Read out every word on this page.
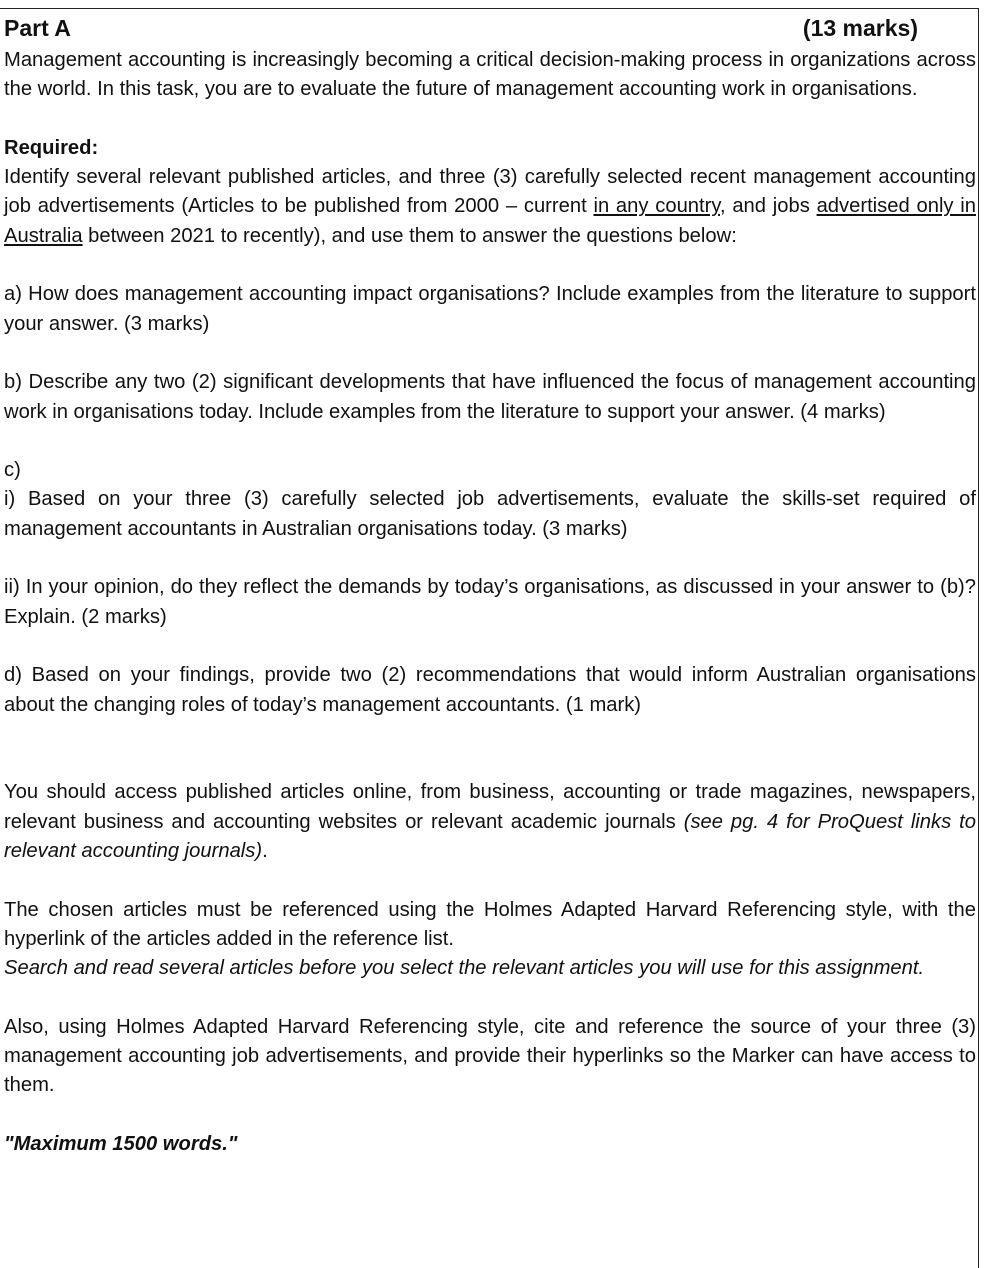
Part A	(13 marks)

Management accounting is increasingly becoming a critical decision-making process in organizations across the world. In this task, you are to evaluate the future of management accounting work in organisations.

Required:

Identify several relevant published articles, and three (3) carefully selected recent management accounting job advertisements (Articles to be published from 2000 – current in any country, and jobs advertised only in Australia between 2021 to recently), and use them to answer the questions below:

a) How does management accounting impact organisations? Include examples from the literature to support your answer. (3 marks)

b) Describe any two (2) significant developments that have influenced the focus of management accounting work in organisations today. Include examples from the literature to support your answer. (4 marks)

c)

i) Based on your three (3) carefully selected job advertisements, evaluate the skills-set required of management accountants in Australian organisations today. (3 marks)

ii) In your opinion, do they reflect the demands by today’s organisations, as discussed in your answer to (b)? Explain. (2 marks)

d) Based on your findings, provide two (2) recommendations that would inform Australian organisations about the changing roles of today’s management accountants. (1 mark)

You should access published articles online, from business, accounting or trade magazines, newspapers, relevant business and accounting websites or relevant academic journals (see pg. 4 for ProQuest links to relevant accounting journals).

The chosen articles must be referenced using the Holmes Adapted Harvard Referencing style, with the hyperlink of the articles added in the reference list.

Search and read several articles before you select the relevant articles you will use for this assignment.

Also, using Holmes Adapted Harvard Referencing style, cite and reference the source of your three (3) management accounting job advertisements, and provide their hyperlinks so the Marker can have access to them.

"Maximum 1500 words."
